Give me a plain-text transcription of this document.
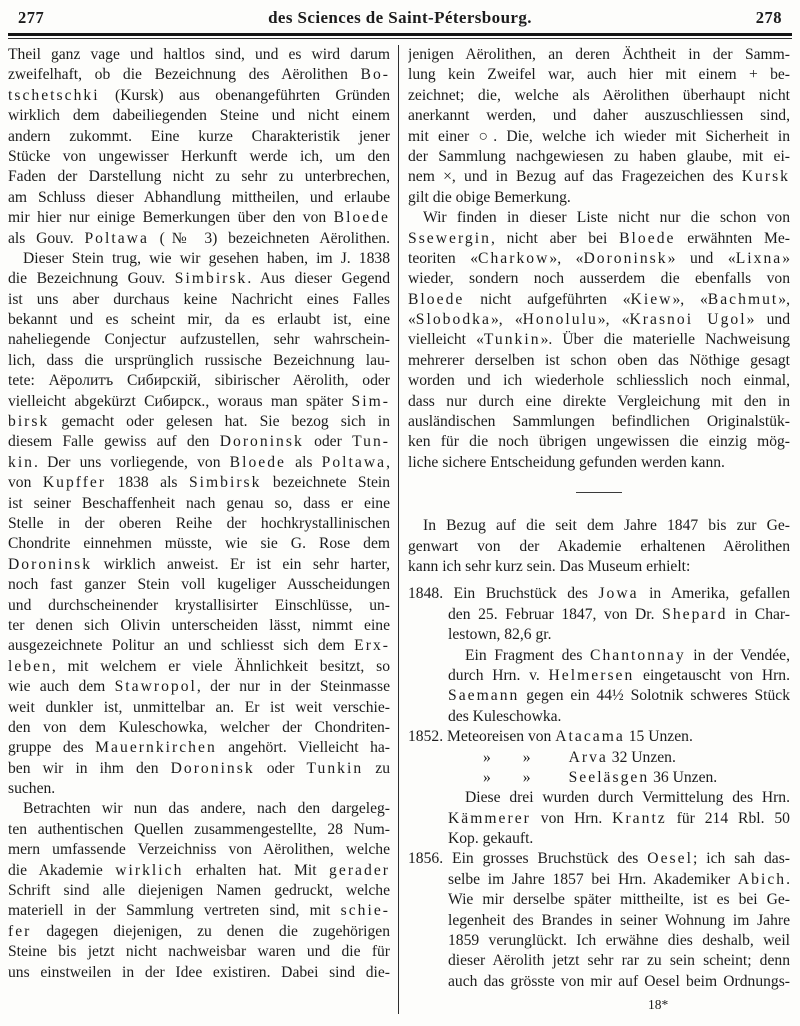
277	des Sciences de Saint-Pétersbourg.	278
Theil ganz vage und haltlos sind, und es wird darum
zweifelhaft, ob die Bezeichnung des Aërolithen Bo-
tschetschki (Kursk) aus obenangeführten Gründen
wirklich dem dabeiliegenden Steine und nicht einem
andern zukommt. Eine kurze Charakteristik jener
Stücke von ungewisser Herkunft werde ich, um den
Faden der Darstellung nicht zu sehr zu unterbrechen,
am Schluss dieser Abhandlung mittheilen, und erlaube
mir hier nur einige Bemerkungen über den von Bloede
als Gouv. Poltawa (№ 3) bezeichneten Aërolithen.
Dieser Stein trug, wie wir gesehen haben, im J. 1838
die Bezeichnung Gouv. Simbirsk. Aus dieser Gegend
ist uns aber durchaus keine Nachricht eines Falles
bekannt und es scheint mir, da es erlaubt ist, eine
naheliegende Conjectur aufzustellen, sehr wahrschein-
lich, dass die ursprünglich russische Bezeichnung lau-
tete: Аёролитъ Сибирскій, sibirischer Aërolith, oder
vielleicht abgekürzt Сибирск., woraus man später Sim-
birsk gemacht oder gelesen hat. Sie bezog sich in
diesem Falle gewiss auf den Doroninsk oder Tun-
kin. Der uns vorliegende, von Bloede als Poltawa,
von Kupffer 1838 als Simbirsk bezeichnete Stein
ist seiner Beschaffenheit nach genau so, dass er eine
Stelle in der oberen Reihe der hochkrystallinischen
Chondrite einnehmen müsste, wie sie G. Rose dem
Doroninsk wirklich anweist. Er ist ein sehr harter,
noch fast ganzer Stein voll kugeliger Ausscheidungen
und durchscheinender krystallisirter Einschlüsse, un-
ter denen sich Olivin unterscheiden lässt, nimmt eine
ausgezeichnete Politur an und schliesst sich dem Erx-
leben, mit welchem er viele Ähnlichkeit besitzt, so
wie auch dem Stawropol, der nur in der Steinmasse
weit dunkler ist, unmittelbar an. Er ist weit verschie-
den von dem Kuleschowka, welcher der Chondriten-
gruppe des Mauernkirchen angehört. Vielleicht ha-
ben wir in ihm den Doroninsk oder Tunkin zu
suchen.
Betrachten wir nun das andere, nach den dargeleg-
ten authentischen Quellen zusammengestellte, 28 Num-
mern umfassende Verzeichniss von Aërolithen, welche
die Akademie wirklich erhalten hat. Mit gerader
Schrift sind alle diejenigen Namen gedruckt, welche
materiell in der Sammlung vertreten sind, mit schie-
fer dagegen diejenigen, zu denen die zugehörigen
Steine bis jetzt nicht nachweisbar waren und die für
uns einstweilen in der Idee existiren. Dabei sind die-
jenigen Aërolithen, an deren Ächtheit in der Samm-
lung kein Zweifel war, auch hier mit einem + be-
zeichnet; die, welche als Aërolithen überhaupt nicht
anerkannt werden, und daher auszuschliessen sind,
mit einer ○. Die, welche ich wieder mit Sicherheit in
der Sammlung nachgewiesen zu haben glaube, mit ei-
nem ×, und in Bezug auf das Fragezeichen des Kursk
gilt die obige Bemerkung.
Wir finden in dieser Liste nicht nur die schon von
Ssewergin, nicht aber bei Bloede erwähnten Me-
teoriten «Charkow», «Doroninsk» und «Lixna»
wieder, sondern noch ausserdem die ebenfalls von
Bloede nicht aufgeführten «Kiew», «Bachmut»,
«Slobodka», «Honolulu», «Krasnoi Ugol» und
vielleicht «Tunkin». Über die materielle Nachweisung
mehrerer derselben ist schon oben das Nöthige gesagt
worden und ich wiederhole schliesslich noch einmal,
dass nur durch eine direkte Vergleichung mit den in
ausländischen Sammlungen befindlichen Originalstük-
ken für die noch übrigen ungewissen die einzig mög-
liche sichere Entscheidung gefunden werden kann.
In Bezug auf die seit dem Jahre 1847 bis zur Ge-
genwart von der Akademie erhaltenen Aërolithen
kann ich sehr kurz sein. Das Museum erhielt:
1848. Ein Bruchstück des Jowa in Amerika, gefallen
den 25. Februar 1847, von Dr. Shepard in Char-
lestown, 82,6 gr.
Ein Fragment des Chantonnay in der Vendée,
durch Hrn. v. Helmersen eingetauscht von Hrn.
Saemann gegen ein 44½ Solotnik schweres Stück
des Kuleschowka.
1852. Meteoreisen von Atacama 15 Unzen.
» » Arva 32 Unzen.
» » Seeläsgen 36 Unzen.
Diese drei wurden durch Vermittelung des Hrn.
Kämmerer von Hrn. Krantz für 214 Rbl. 50
Kop. gekauft.
1856. Ein grosses Bruchstück des Oesel; ich sah das-
selbe im Jahre 1857 bei Hrn. Akademiker Abich.
Wie mir derselbe später mittheilte, ist es bei Ge-
legenheit des Brandes in seiner Wohnung im Jahre
1859 verunglückt. Ich erwähne dies deshalb, weil
dieser Aërolith jetzt sehr rar zu sein scheint; denn
auch das grösste von mir auf Oesel beim Ordnungs-
18*
